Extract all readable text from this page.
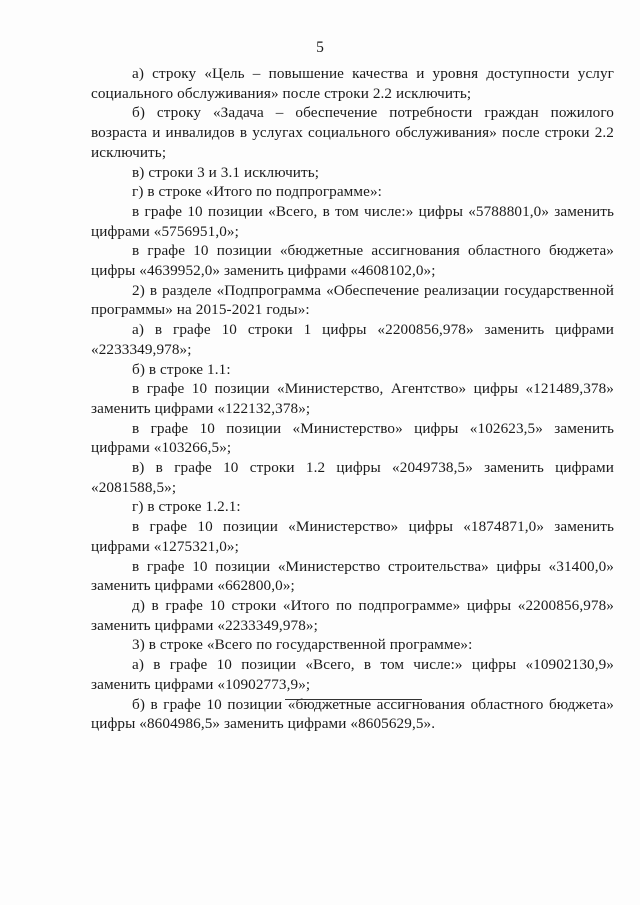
5

а) строку «Цель – повышение качества и уровня доступности услуг социального обслуживания» после строки 2.2 исключить;

б) строку «Задача – обеспечение потребности граждан пожилого возраста и инвалидов в услугах социального обслуживания» после строки 2.2 исключить;

в) строки 3 и 3.1 исключить;

г) в строке «Итого по подпрограмме»:

в графе 10 позиции «Всего, в том числе:» цифры «5788801,0» заменить цифрами «5756951,0»;

в графе 10 позиции «бюджетные ассигнования областного бюджета» цифры «4639952,0» заменить цифрами «4608102,0»;

2) в разделе «Подпрограмма «Обеспечение реализации государственной программы» на 2015-2021 годы»:

а) в графе 10 строки 1 цифры «2200856,978» заменить цифрами «2233349,978»;

б) в строке 1.1:

в графе 10 позиции «Министерство, Агентство» цифры «121489,378» заменить цифрами «122132,378»;

в графе 10 позиции «Министерство» цифры «102623,5» заменить цифрами «103266,5»;

в) в графе 10 строки 1.2 цифры «2049738,5» заменить цифрами «2081588,5»;

г) в строке 1.2.1:

в графе 10 позиции «Министерство» цифры «1874871,0» заменить цифрами «1275321,0»;

в графе 10 позиции «Министерство строительства» цифры «31400,0» заменить цифрами «662800,0»;

д) в графе 10 строки «Итого по подпрограмме» цифры «2200856,978» заменить цифрами «2233349,978»;

3) в строке «Всего по государственной программе»:

а) в графе 10 позиции «Всего, в том числе:» цифры «10902130,9» заменить цифрами «10902773,9»;

б) в графе 10 позиции «бюджетные ассигнования областного бюджета» цифры «8604986,5» заменить цифрами «8605629,5».
